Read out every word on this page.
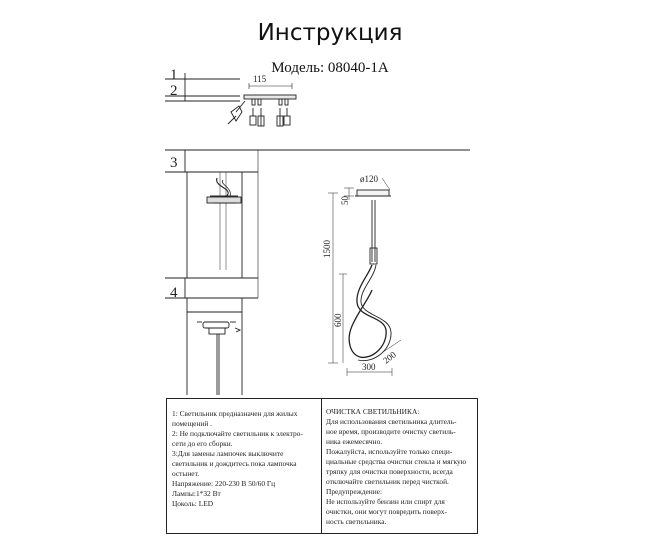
Инструкция
Модель: 08040-1А
1
2
3
4
115
ø120
50
1500
600
300
200

1: Светильник предназначен для жилых

помещений .

2: Не подключайте светильник к электро-

сети до его сборки.

3:Для замены лампочек выключите

светильник и дождитесь пока лампочка

остынет.

Напряжение: 220-230 В 50/60 Гц

Лампы:1*32 Вт

Цоколь: LED

ОЧИСТКА СВЕТИЛЬНИКА:

Для использования светильника длитель-

ное время, производите очистку светиль-

ника ежемесячно.

Пожалуйста, используйте только специ-

циальные средства очистки стекла и мягкую

тряпку для очистки поверхности, всегда

отключайте светильник перед чисткой.

Предупреждение:

Не используйте бензин или спирт для

очистки, они могут повредить поверх-

ность светильника.
